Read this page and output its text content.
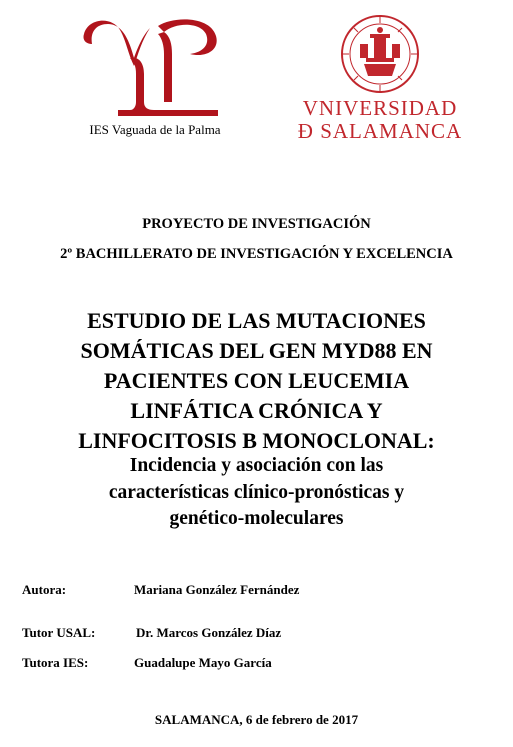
IES Vaguada de la Palma
VNIVERSIDAD
Ð SALAMANCA
PROYECTO DE INVESTIGACIÓN
2º BACHILLERATO DE INVESTIGACIÓN Y EXCELENCIA
ESTUDIO DE LAS MUTACIONES
SOMÁTICAS DEL GEN MYD88 EN
PACIENTES CON LEUCEMIA
LINFÁTICA CRÓNICA Y
LINFOCITOSIS B MONOCLONAL:
Incidencia y asociación con las
características clínico-pronósticas y
genético-moleculares
Autora:	Mariana González Fernández
Tutor USAL:	Dr. Marcos González Díaz
Tutora IES:	Guadalupe Mayo García
SALAMANCA, 6 de febrero de 2017
